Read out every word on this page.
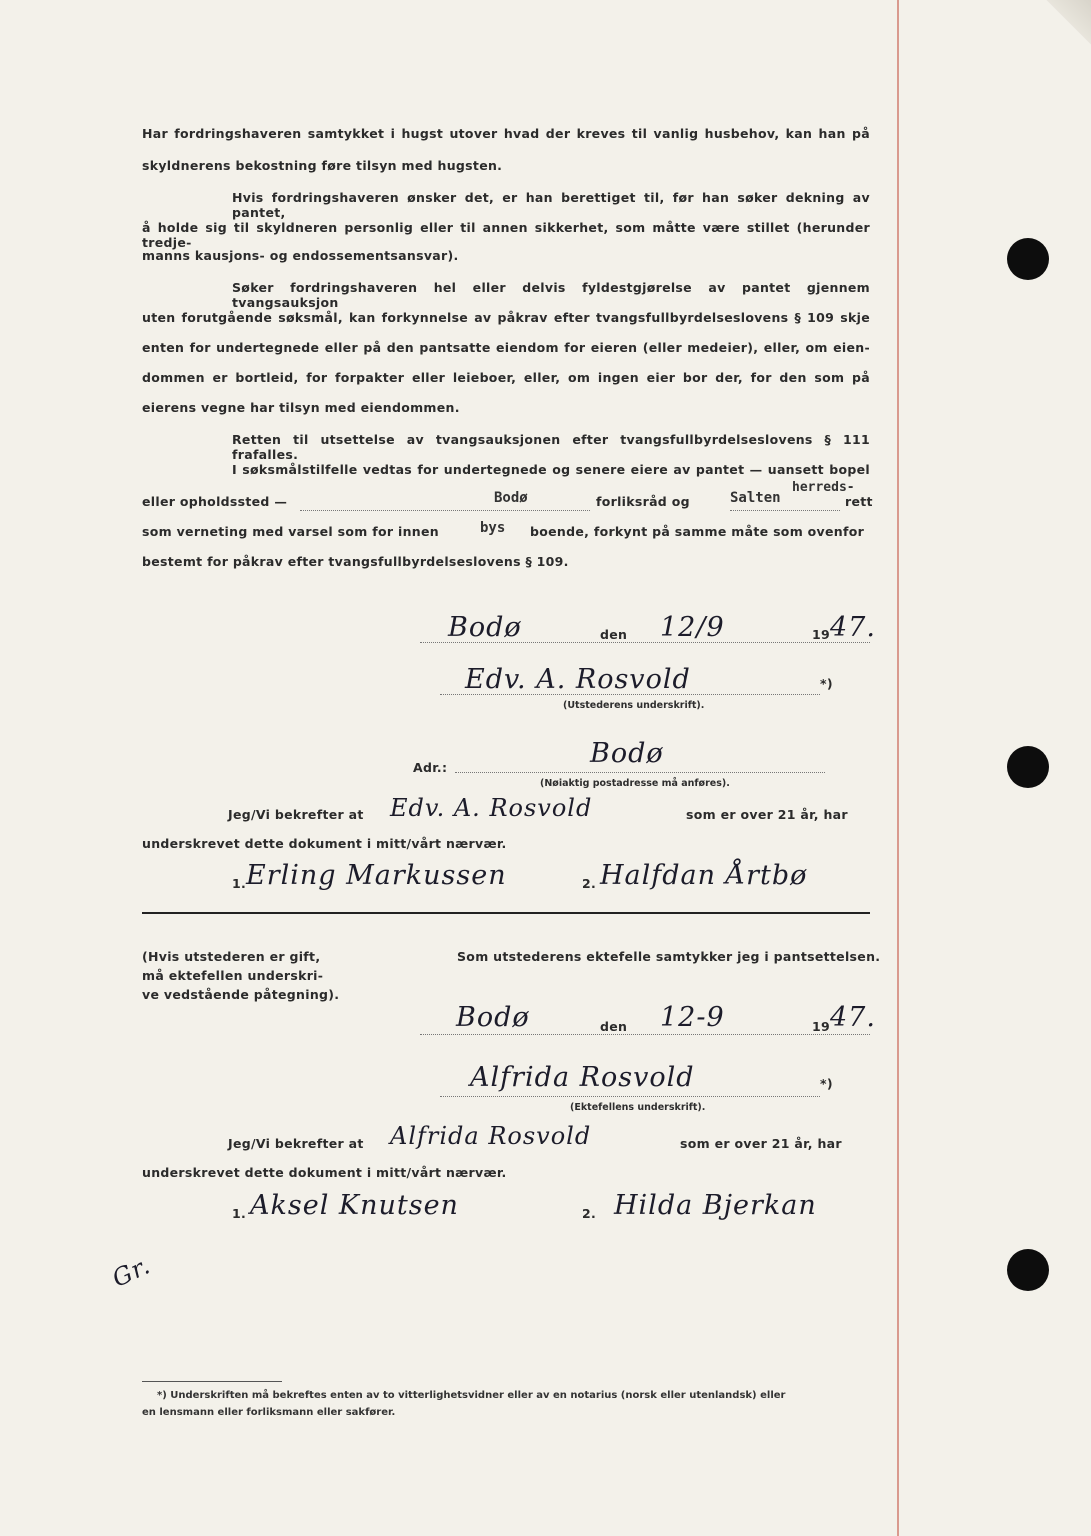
Har fordringshaveren samtykket i hugst utover hvad der kreves til vanlig husbehov, kan han på
skyldnerens bekostning føre tilsyn med hugsten.
Hvis fordringshaveren ønsker det, er han berettiget til, før han søker dekning av pantet,
å holde sig til skyldneren personlig eller til annen sikkerhet, som måtte være stillet (herunder tredje-
manns kausjons- og endossementsansvar).
Søker fordringshaveren hel eller delvis fyldestgjørelse av pantet gjennem tvangsauksjon
uten forutgående søksmål, kan forkynnelse av påkrav efter tvangsfullbyrdelseslovens § 109 skje
enten for undertegnede eller på den pantsatte eiendom for eieren (eller medeier), eller, om eien-
dommen er bortleid, for forpakter eller leieboer, eller, om ingen eier bor der, for den som på
eierens vegne har tilsyn med eiendommen.
Retten til utsettelse av tvangsauksjonen efter tvangsfullbyrdelseslovens § 111 frafalles.
I søksmålstilfelle vedtas for undertegnede og senere eiere av pantet — uansett bopel
eller opholdssted —	Bodø	forliksråd og	Salten
herreds-
rett
som verneting med varsel som for innen	bys boende, forkynt på samme måte som ovenfor
bestemt for påkrav efter tvangsfullbyrdelseslovens § 109.
Bodø	den 12/9	19 47.
Edv. A. Rosvold	*)
(Utstederens underskrift).
Adr.:	Bodø
(Nøiaktig postadresse må anføres).
Jeg/Vi bekrefter at Edv. A. Rosvold	som er over 21 år, har
underskrevet dette dokument i mitt/vårt nærvær.
1. Erling Markussen	2. Halfdan Årtbø
(Hvis utstederen er gift,
må ektefellen underskri-
ve vedstående påtegning).
Som utstederens ektefelle samtykker jeg i pantsettelsen.
Bodø	den 12-9	19 47.
Alfrida Rosvold	*)
(Ektefellens underskrift).
Jeg/Vi bekrefter at Alfrida Rosvold	som er over 21 år, har
underskrevet dette dokument i mitt/vårt nærvær.
1. Aksel Knutsen	2. Hilda Bjerkan
Gr.
*) Underskriften må bekreftes enten av to vitterlighetsvidner eller av en notarius (norsk eller utenlandsk) eller
en lensmann eller forliksmann eller sakfører.
